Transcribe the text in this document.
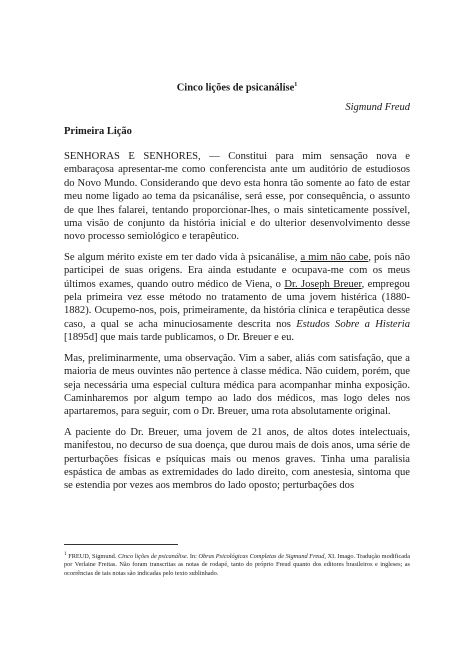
Cinco lições de psicanálise$^1$
Sigmund Freud
Primeira Lição

SENHORAS E SENHORES, — Constitui para mim sensação nova e embaraçosa apresentar-me como conferencista ante um auditório de estudiosos do Novo Mundo. Considerando que devo esta honra tão somente ao fato de estar meu nome ligado ao tema da psicanálise, será esse, por consequência, o assunto de que lhes falarei, tentando proporcionar-lhes, o mais sinteticamente possível, uma visão de conjunto da história inicial e do ulterior desenvolvimento desse novo processo semiológico e terapêutico.

Se algum mérito existe em ter dado vida à psicanálise, a mim não cabe, pois não participei de suas origens. Era ainda estudante e ocupava-me com os meus últimos exames, quando outro médico de Viena, o Dr. Joseph Breuer, empregou pela primeira vez esse método no tratamento de uma jovem histérica (1880-1882). Ocupemo-nos, pois, primeiramente, da história clínica e terapêutica desse caso, a qual se acha minuciosamente descrita nos Estudos Sobre a Histeria [1895d] que mais tarde publicamos, o Dr. Breuer e eu.

Mas, preliminarmente, uma observação. Vim a saber, aliás com satisfação, que a maioria de meus ouvintes não pertence à classe médica. Não cuidem, porém, que seja necessária uma especial cultura médica para acompanhar minha exposição. Caminharemos por algum tempo ao lado dos médicos, mas logo deles nos apartaremos, para seguir, com o Dr. Breuer, uma rota absolutamente original.

A paciente do Dr. Breuer, uma jovem de 21 anos, de altos dotes intelectuais, manifestou, no decurso de sua doença, que durou mais de dois anos, uma série de perturbações físicas e psíquicas mais ou menos graves. Tinha uma paralisia espástica de ambas as extremidades do lado direito, com anestesia, sintoma que se estendia por vezes aos membros do lado oposto; perturbações dos

$^1$ FREUD, Sigmund. Cinco lições de psicanálise. In: Obras Psicológicas Completas de Sigmund Freud, XI. Imago. Tradução modificada por Verlaine Freitas. Não foram transcritas as notas de rodapé, tanto do próprio Freud quanto dos editores brasileiros e ingleses; as ocorrências de tais notas são indicadas pelo texto sublinhado.
